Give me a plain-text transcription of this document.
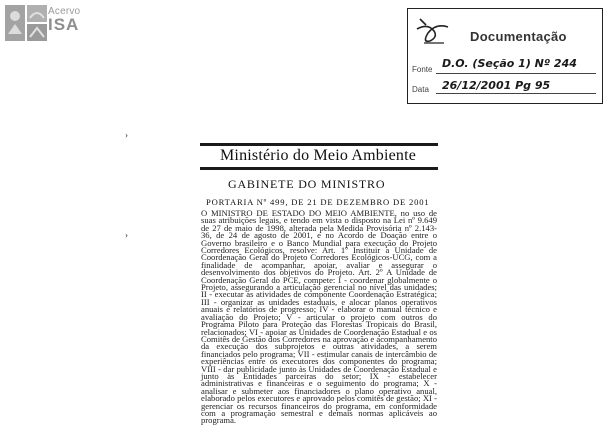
Acervo
ISA
Documentação
Fonte D.O. (Seção 1) Nº 244
Data 26/12/2001 Pg 95
›
›
Ministério do Meio Ambiente
GABINETE DO MINISTRO
PORTARIA Nº 499, DE 21 DE DEZEMBRO DE 2001

O MINISTRO DE ESTADO DO MEIO AMBIENTE, no uso de suas atribuições legais, e tendo em vista o disposto na Lei nº 9.649 de 27 de maio de 1998, alterada pela Medida Provisória nº 2.143-36, de 24 de agosto de 2001, e no Acordo de Doação entre o Governo brasileiro e o Banco Mundial para execução do Projeto Corredores Ecológicos, resolve: Art. 1º Instituir a Unidade de Coordenação Geral do Projeto Corredores Ecológicos-UCG, com a finalidade de acompanhar, apoiar, avaliar e assegurar o desenvolvimento dos objetivos do Projeto. Art. 2º A Unidade de Coordenação Geral do PCE, compete: I - coordenar globalmente o Projeto, assegurando a articulação gerencial no nível das unidades; II - executar as atividades de componente Coordenação Estratégica; III - organizar as unidades estaduais, e alocar planos operativos anuais e relatórios de progresso; IV - elaborar o manual técnico e avaliação do Projeto; V - articular o projeto com outros do Programa Piloto para Proteção das Florestas Tropicais do Brasil, relacionados; VI - apoiar as Unidades de Coordenação Estadual e os Comitês de Gestão dos Corredores na aprovação e acompanhamento da execução dos subprojetos e outras atividades, a serem financiados pelo programa; VII - estimular canais de intercâmbio de experiências entre os executores dos componentes do programa; VIII - dar publicidade junto às Unidades de Coordenação Estadual e junto às Entidades parceiras do setor; IX - estabelecer administrativas e financeiras e o seguimento do programa; X - analisar e submeter aos financiadores o plano operativo anual, elaborado pelos executores e aprovado pelos comitês de gestão; XI - gerenciar os recursos financeiros do programa, em conformidade com a programação semestral e demais normas aplicáveis ao programa.
